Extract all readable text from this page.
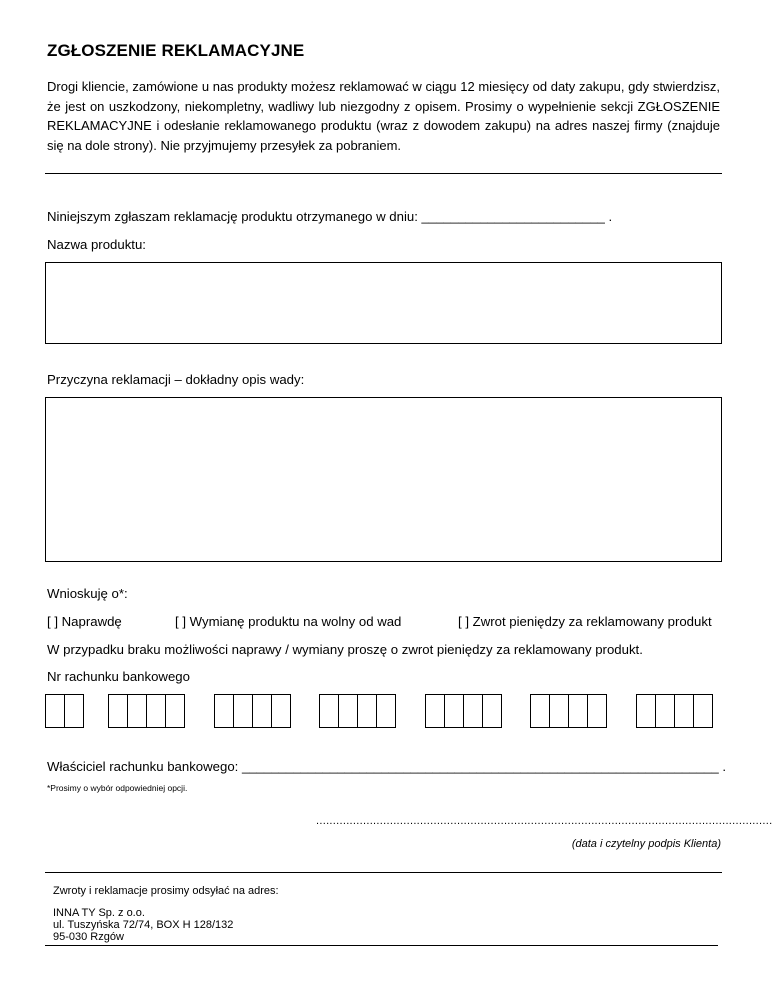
ZGŁOSZENIE REKLAMACYJNE
Drogi kliencie, zamówione u nas produkty możesz reklamować w ciągu 12 miesięcy od daty zakupu, gdy stwierdzisz, że jest on uszkodzony, niekompletny, wadliwy lub niezgodny z opisem. Prosimy o wypełnienie sekcji ZGŁOSZENIE REKLAMACYJNE i odesłanie reklamowanego produktu (wraz z dowodem zakupu) na adres naszej firmy (znajduje się na dole strony). Nie przyjmujemy przesyłek za pobraniem.
Niniejszym zgłaszam reklamację produktu otrzymanego w dniu: _________________________ .
Nazwa produktu:
Przyczyna reklamacji – dokładny opis wady:
Wnioskuję o*:
[ ] Naprawdę	[ ] Wymianę produktu na wolny od wad	[ ] Zwrot pieniędzy za reklamowany produkt
W przypadku braku możliwości naprawy / wymiany proszę o zwrot pieniędzy za reklamowany produkt.
Nr rachunku bankowego
Właściciel rachunku bankowego: _________________________________________________________________ .
*Prosimy o wybór odpowiedniej opcji.
........................................................................................................................................
(data i czytelny podpis Klienta)
Zwroty i reklamacje prosimy odsyłać na adres:
INNA TY Sp. z o.o.
ul. Tuszyńska 72/74, BOX H 128/132
95-030 Rzgów
